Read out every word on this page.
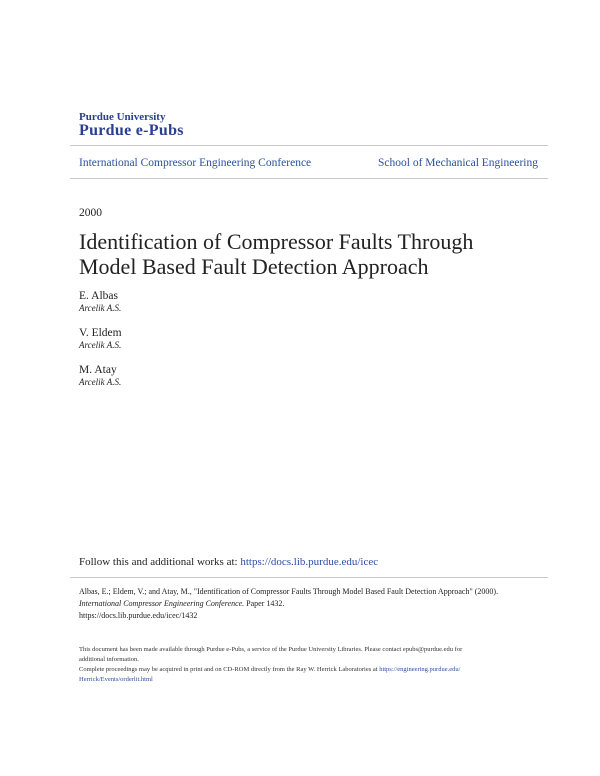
Purdue University
Purdue e-Pubs
International Compressor Engineering Conference	School of Mechanical Engineering
2000
Identification of Compressor Faults Through
Model Based Fault Detection Approach
E. Albas
Arcelik A.S.
V. Eldem
Arcelik A.S.
M. Atay
Arcelik A.S.
Follow this and additional works at: https://docs.lib.purdue.edu/icec
Albas, E.; Eldem, V.; and Atay, M., "Identification of Compressor Faults Through Model Based Fault Detection Approach" (2000).
International Compressor Engineering Conference. Paper 1432.
https://docs.lib.purdue.edu/icec/1432
This document has been made available through Purdue e-Pubs, a service of the Purdue University Libraries. Please contact epubs@purdue.edu for
additional information.
Complete proceedings may be acquired in print and on CD-ROM directly from the Ray W. Herrick Laboratories at https://engineering.purdue.edu/
Herrick/Events/orderlit.html
